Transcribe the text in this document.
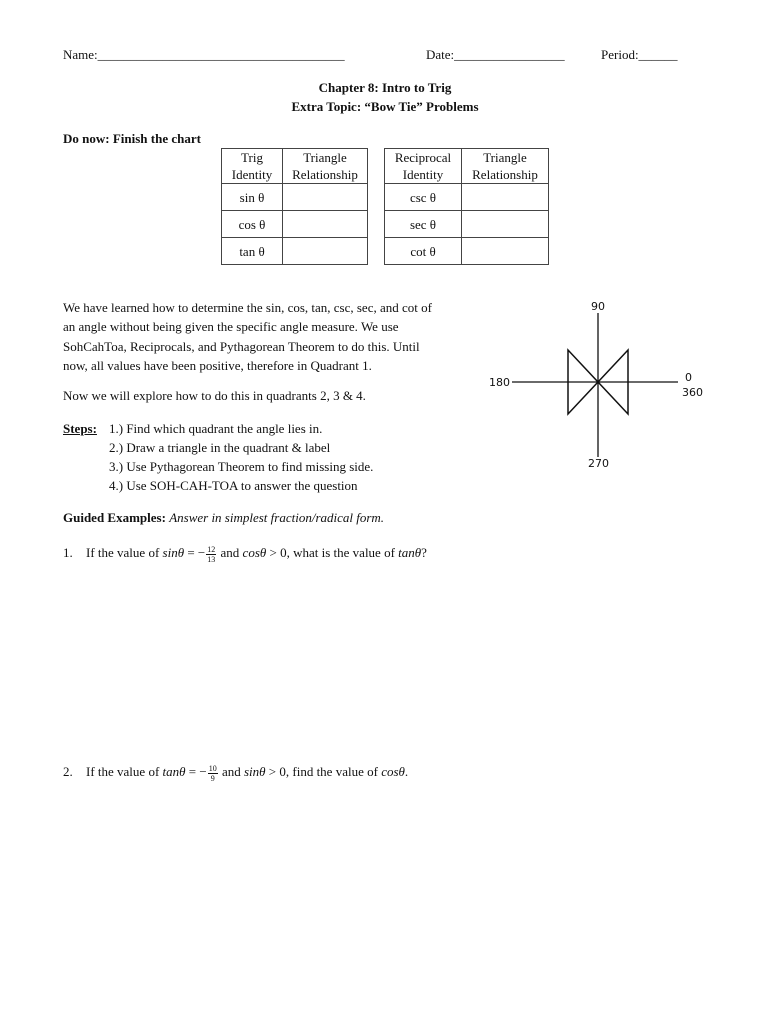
Name:______________________________________	Date:_________________	Period:______
Chapter 8: Intro to Trig
Extra Topic: “Bow Tie” Problems
Do now: Finish the chart
Trig
Identity	Triangle
Relationship
sin θ	
cos θ	
tan θ	
Reciprocal
Identity	Triangle
Relationship
csc θ	
sec θ	
cot θ	
We have learned how to determine the sin, cos, tan, csc, sec, and cot of
an angle without being given the specific angle measure. We use
SohCahToa, Reciprocals, and Pythagorean Theorem to do this. Until
now, all values have been positive, therefore in Quadrant 1.
Now we will explore how to do this in quadrants 2, 3 & 4.
Steps: 1.) Find which quadrant the angle lies in.
2.) Draw a triangle in the quadrant & label
3.) Use Pythagorean Theorem to find missing side.
4.) Use SOH-CAH-TOA to answer the question
Guided Examples: Answer in simplest fraction/radical form.
1. If the value of sinθ = − $\frac{12}{13}$ and cosθ > 0, what is the value of tanθ?
2. If the value of tanθ = − $\frac{10}{9}$ and sinθ > 0, find the value of cosθ.
90
180	0
360
270
